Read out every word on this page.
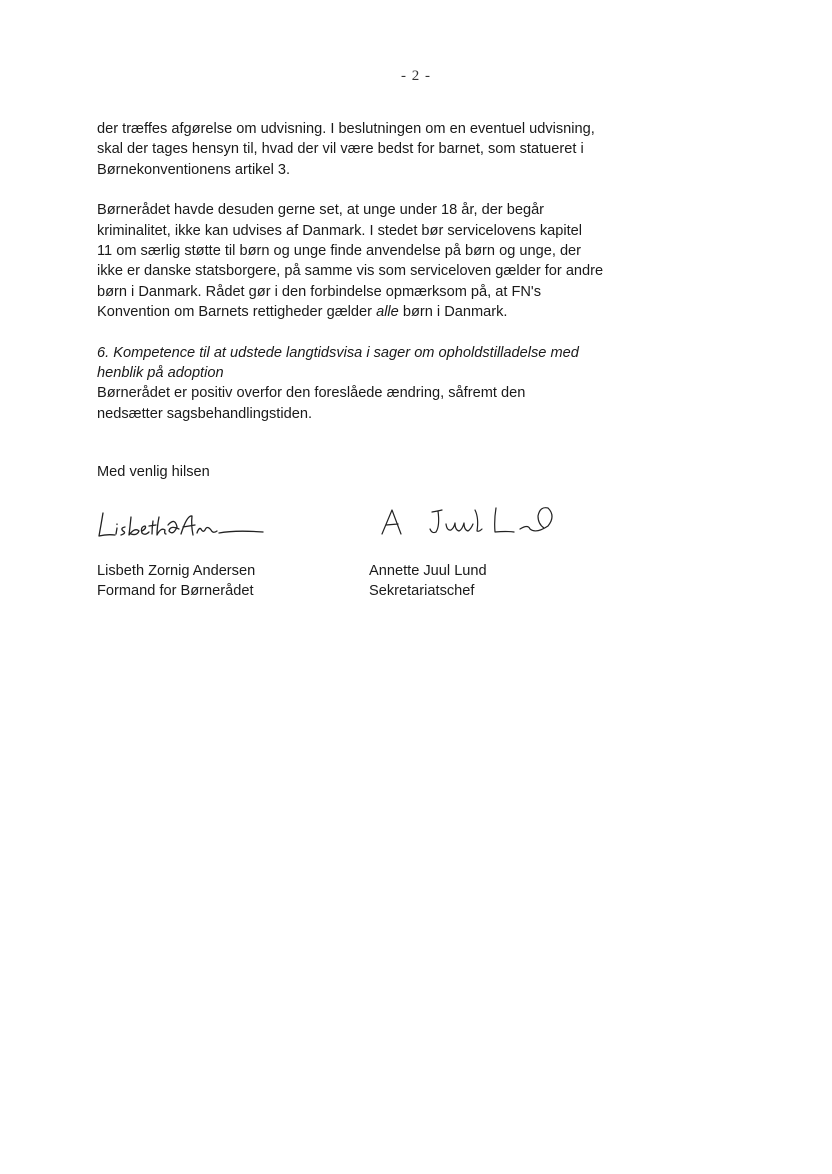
- 2 -

der træffes afgørelse om udvisning. I beslutningen om en eventuel udvisning,
skal der tages hensyn til, hvad der vil være bedst for barnet, som statueret i
Børnekonventionens artikel 3.

Børnerådet havde desuden gerne set, at unge under 18 år, der begår
kriminalitet, ikke kan udvises af Danmark. I stedet bør servicelovens kapitel
11 om særlig støtte til børn og unge finde anvendelse på børn og unge, der
ikke er danske statsborgere, på samme vis som serviceloven gælder for andre
børn i Danmark. Rådet gør i den forbindelse opmærksom på, at FN's
Konvention om Barnets rettigheder gælder alle børn i Danmark.

6. Kompetence til at udstede langtidsvisa i sager om opholdstilladelse med
henblik på adoption
Børnerådet er positiv overfor den foreslåede ændring, såfremt den
nedsætter sagsbehandlingstiden.

Med venlig hilsen
Lisbeth Zornig Andersen
Formand for Børnerådet
Annette Juul Lund
Sekretariatschef
